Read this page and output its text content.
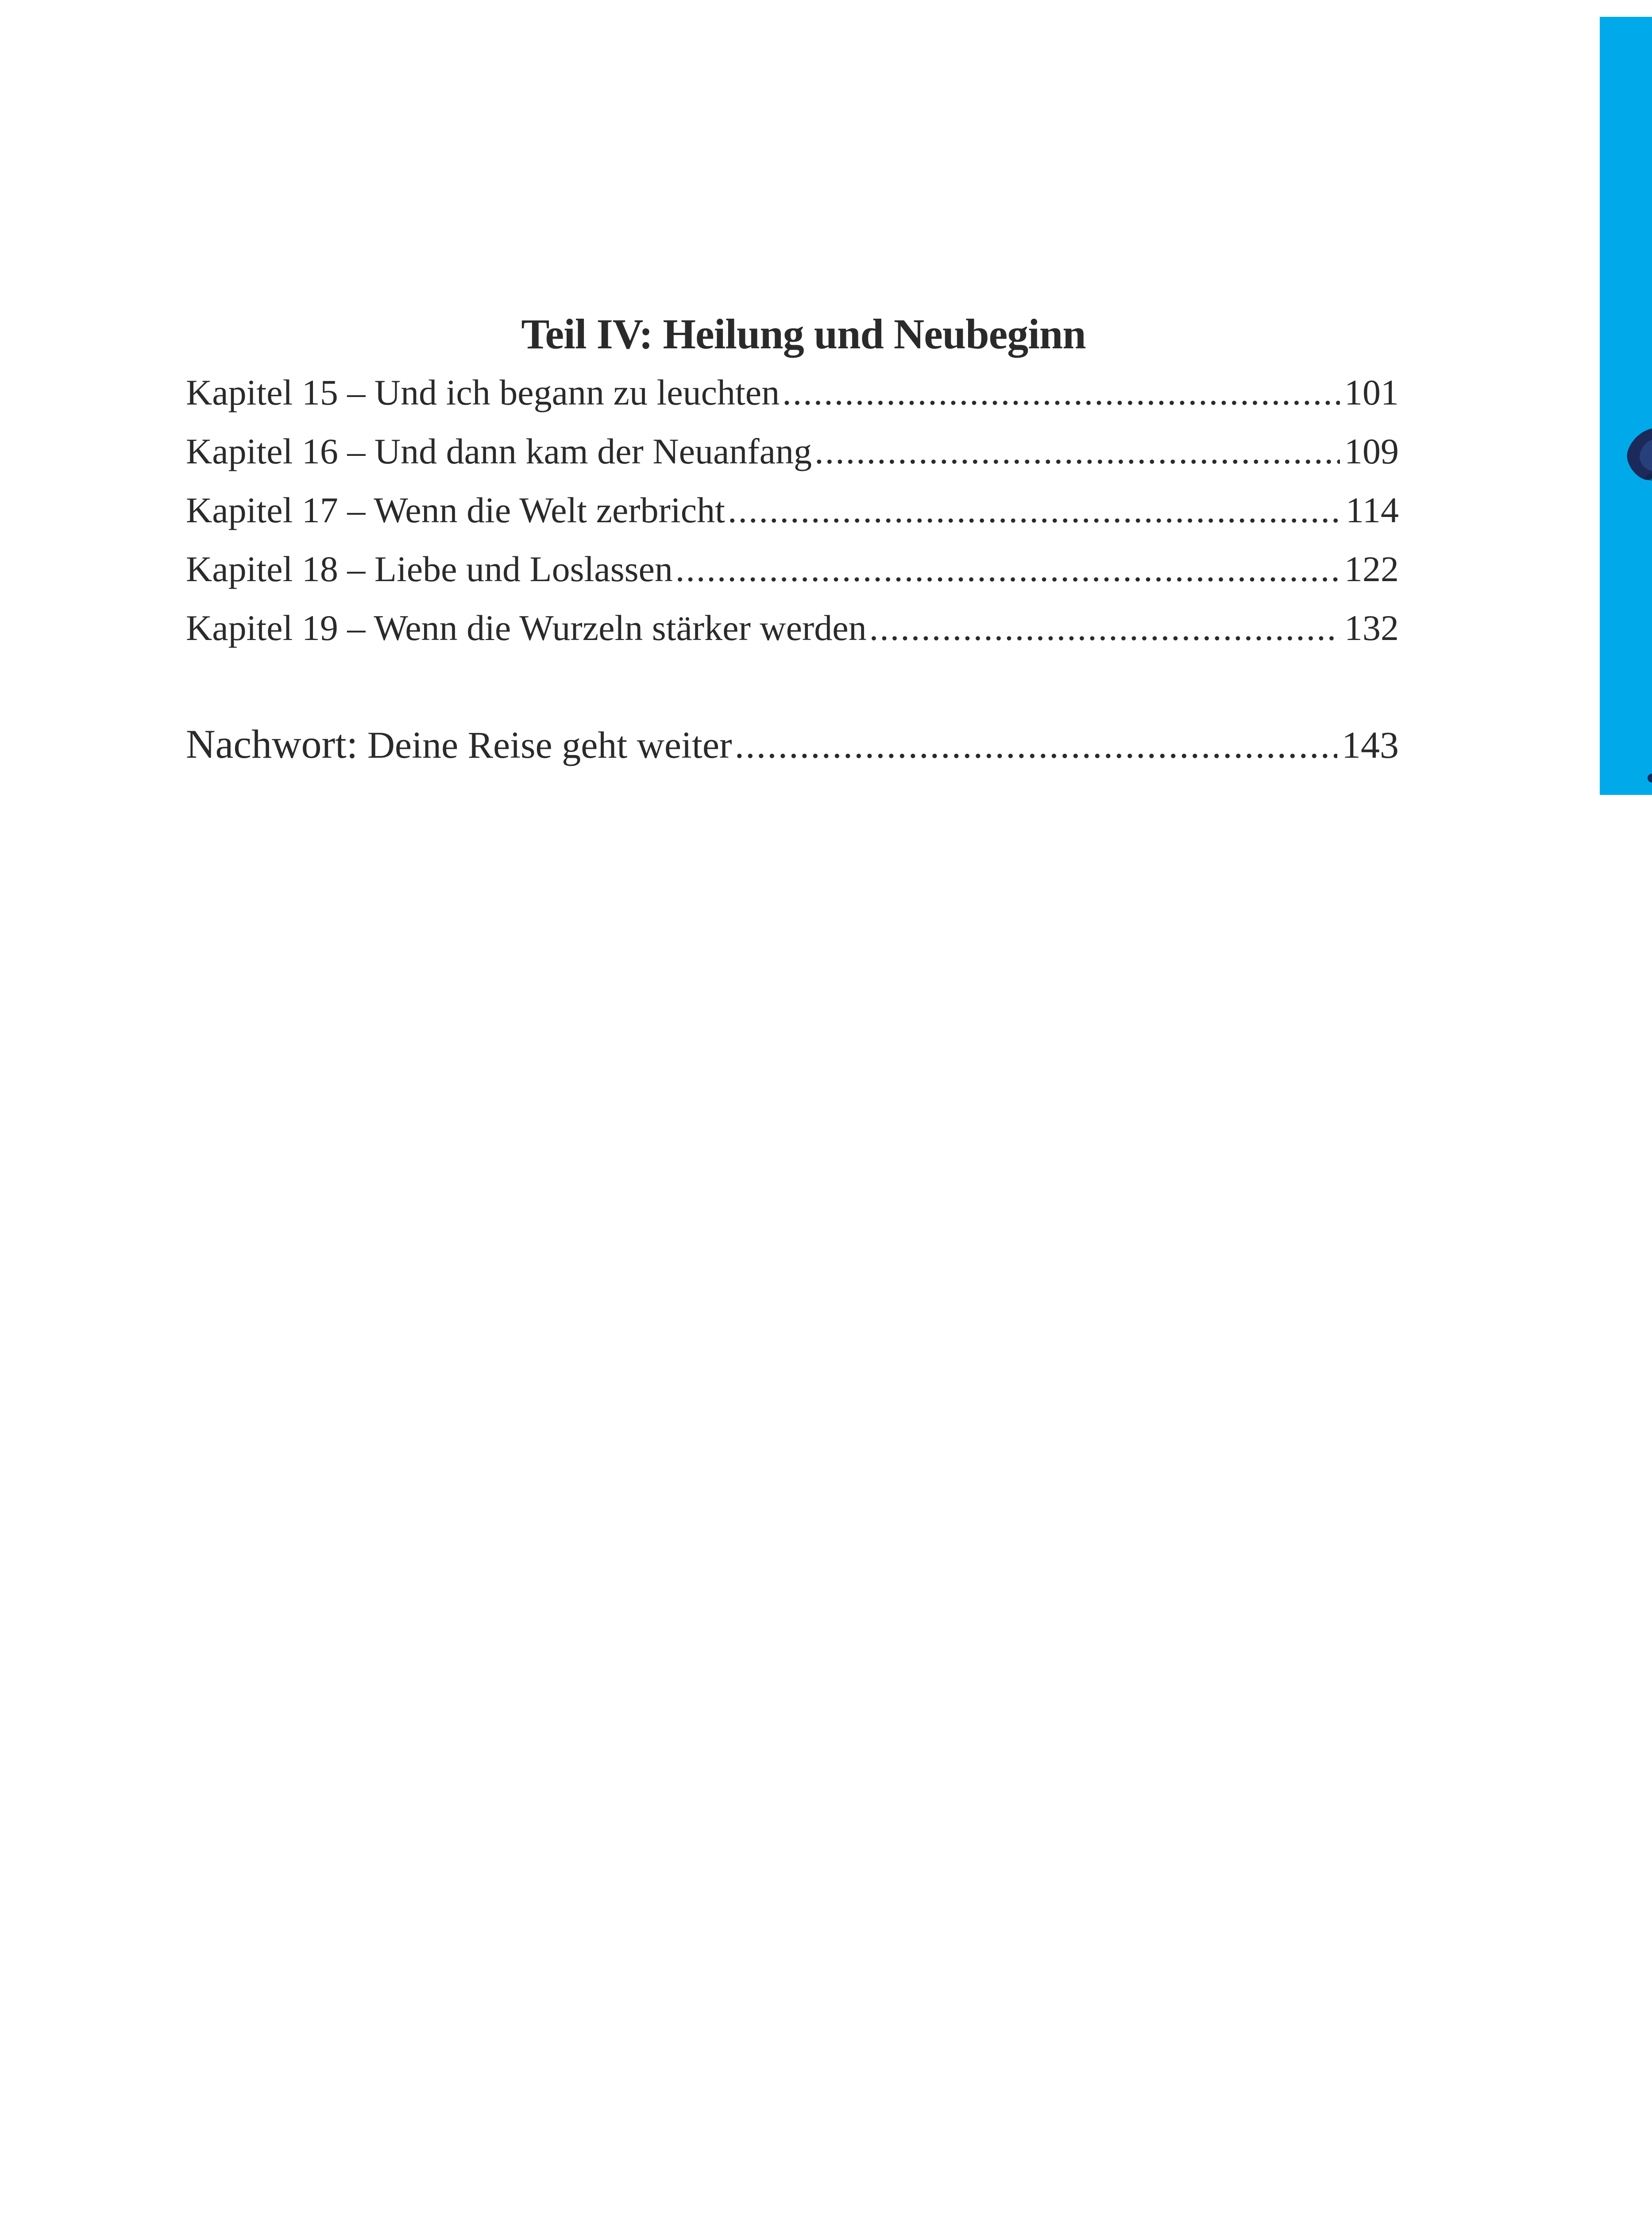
Teil IV: Heilung und Neubeginn
Kapitel 15 – Und ich begann zu leuchten .....	101
Kapitel 16 – Und dann kam der Neuanfang .....	109
Kapitel 17 – Wenn die Welt zerbricht .....	114
Kapitel 18 – Liebe und Loslassen .....	122
Kapitel 19 – Wenn die Wurzeln stärker werden .....	132
Nachwort: Deine Reise geht weiter .....	143
